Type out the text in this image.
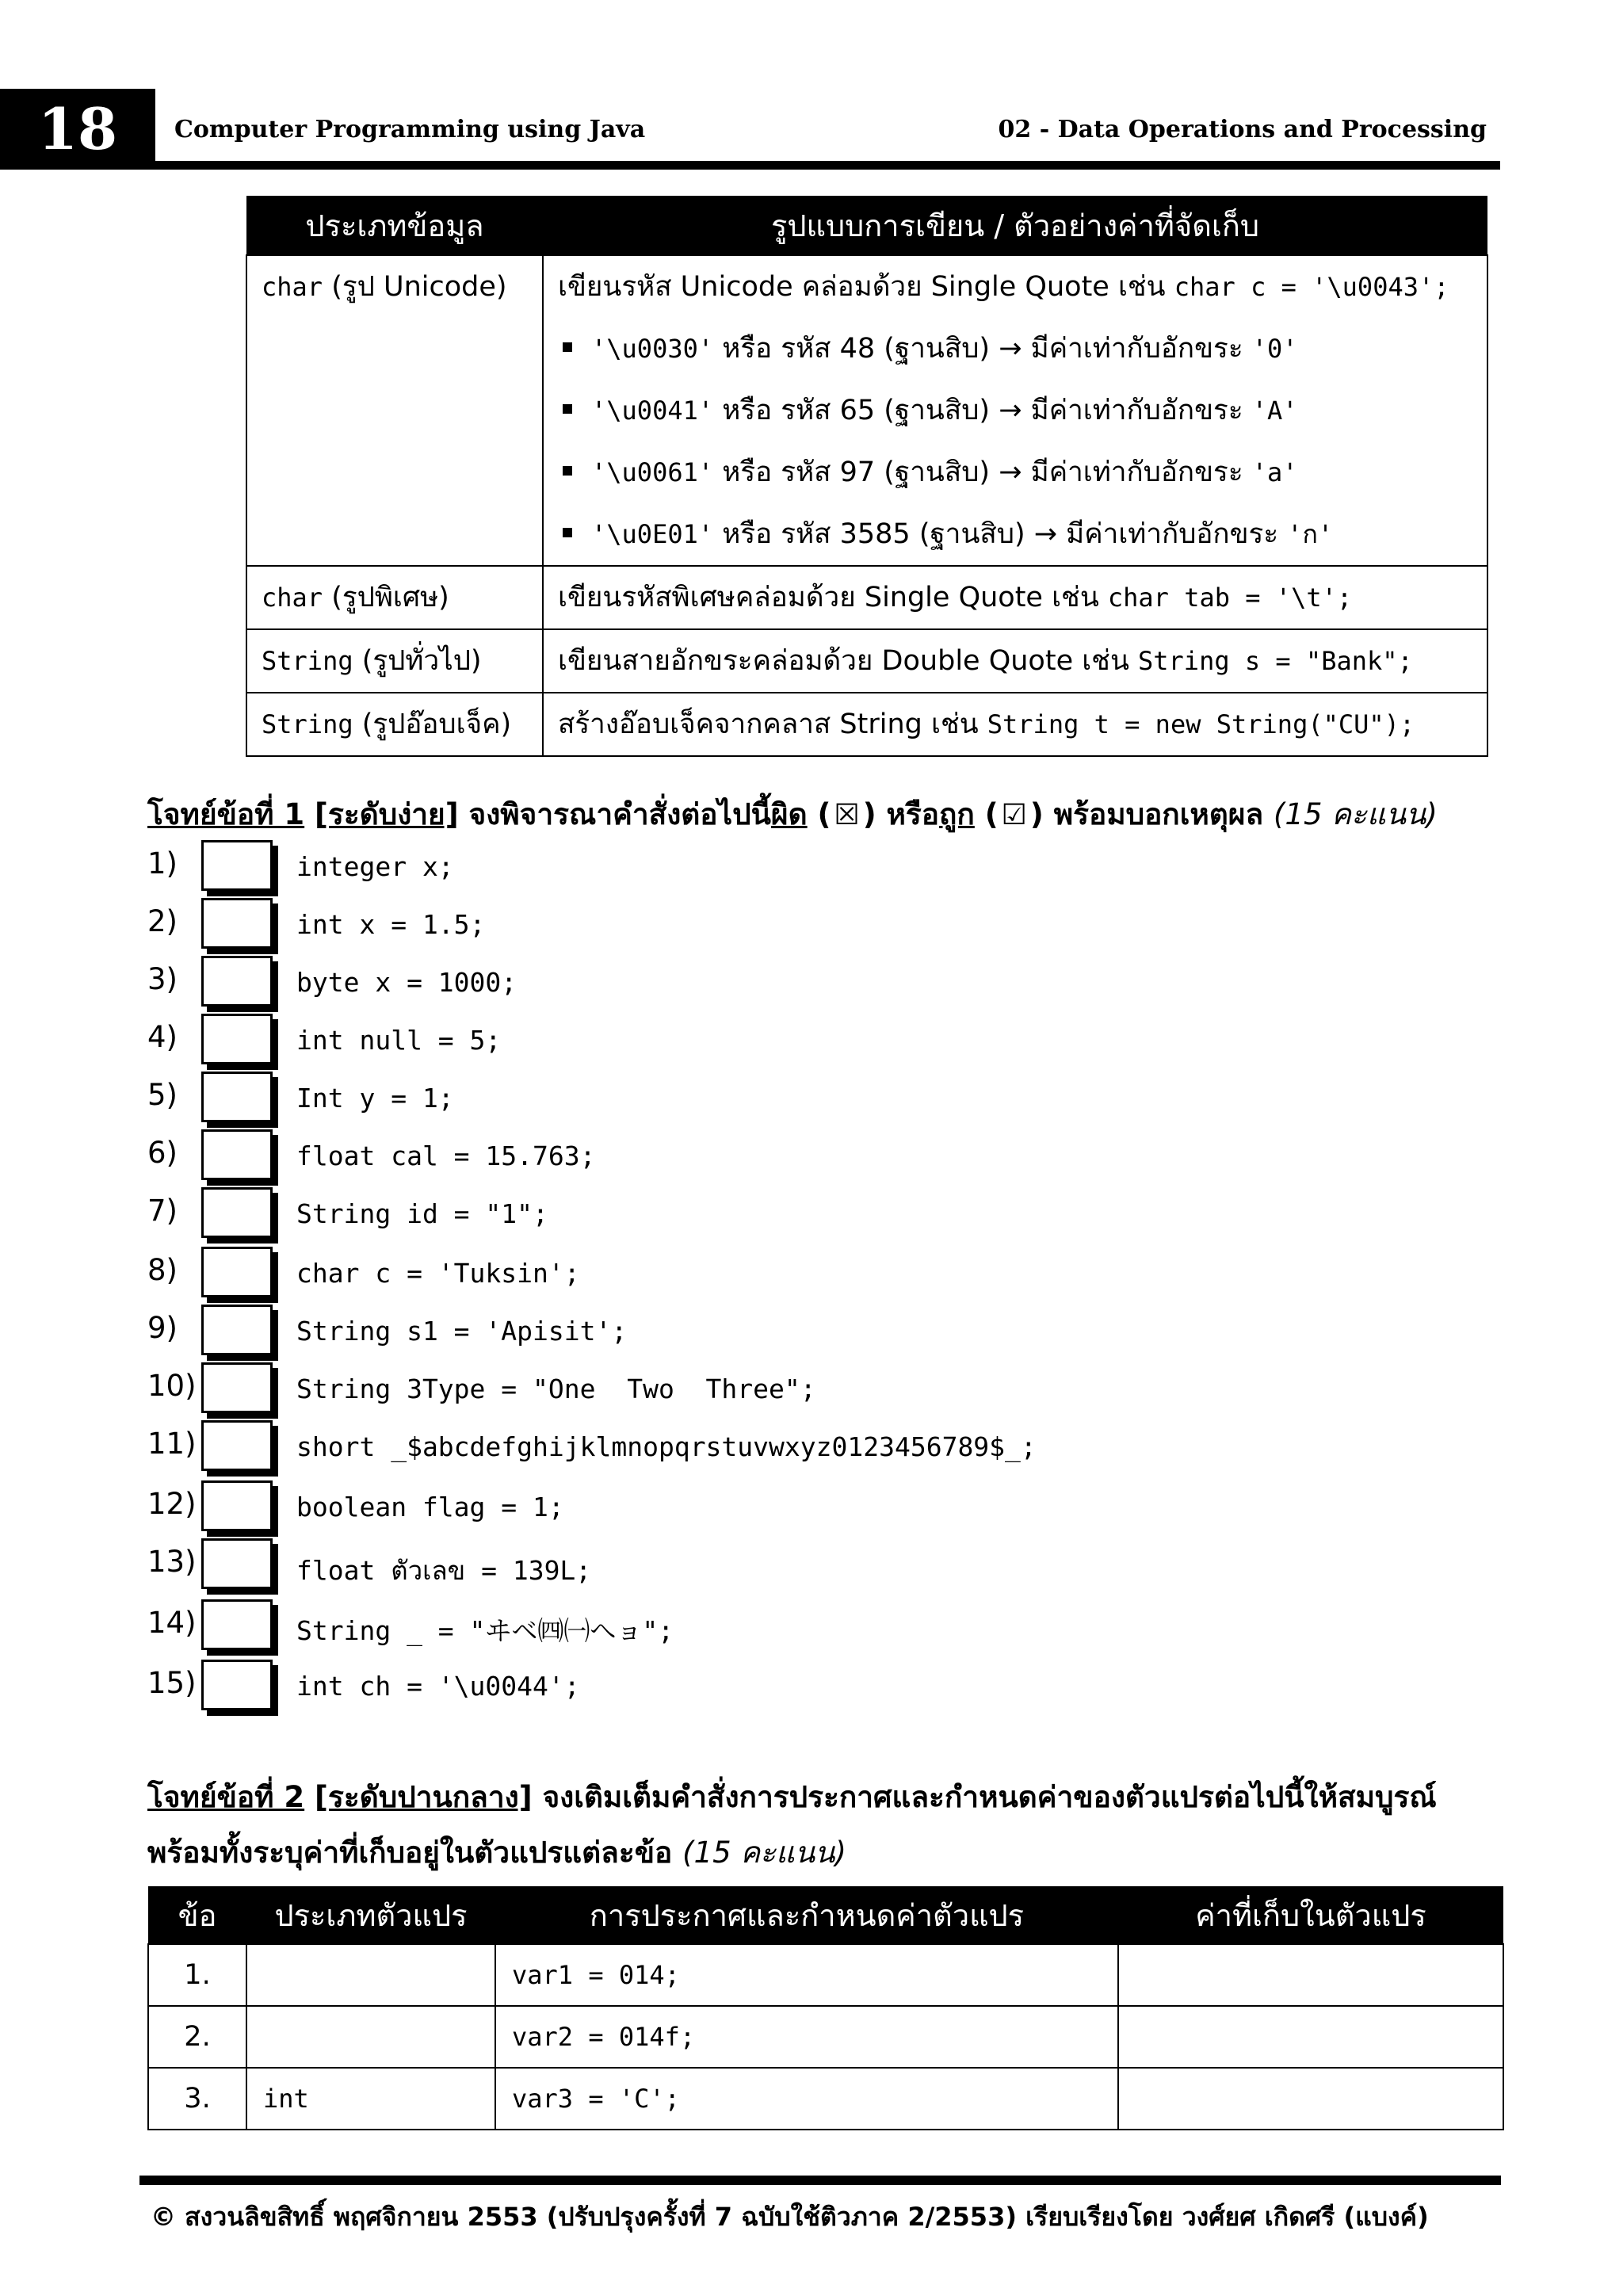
18	Computer Programming using Java	02 - Data Operations and Processing
ประเภทข้อมูล	รูปแบบการเขียน / ตัวอย่างค่าที่จัดเก็บ

char (รูป Unicode)	เขียนรหัส Unicode คล่อมด้วย Single Quote เช่น char c = '\u0043';
'\u0030' หรือ รหัส 48 (ฐานสิบ) → มีค่าเท่ากับอักขระ '0'
'\u0041' หรือ รหัส 65 (ฐานสิบ) → มีค่าเท่ากับอักขระ 'A'
'\u0061' หรือ รหัส 97 (ฐานสิบ) → มีค่าเท่ากับอักขระ 'a'
'\u0E01' หรือ รหัส 3585 (ฐานสิบ) → มีค่าเท่ากับอักขระ 'ก'

char (รูปพิเศษ)	เขียนรหัสพิเศษคล่อมด้วย Single Quote เช่น char tab = '\t';

String (รูปทั่วไป)	เขียนสายอักขระคล่อมด้วย Double Quote เช่น String s = "Bank";

String (รูปอ๊อบเจ็ค)	สร้างอ๊อบเจ็คจากคลาส String เช่น String t = new String("CU");
โจทย์ข้อที่ 1 [ระดับง่าย] จงพิจารณาคำสั่งต่อไปนี้ผิด ( ☒ ) หรือถูก ( ☑ ) พร้อมบอกเหตุผล (15 คะแนน)
1)	integer x;
2)	int x = 1.5;
3)	byte x = 1000;
4)	int null = 5;
5)	Int y = 1;
6)	float cal = 15.763;
7)	String id = "1";
8)	char c = 'Tuksin';
9)	String s1 = 'Apisit';
10)	String 3Type = "One  Two  Three";
11)	short _$abcdefghijklmnopqrstuvwxyz0123456789$_;
12)	boolean flag = 1;
13)	float ตัวเลข = 139L;
14)	String _ = "ヰベ㈣㈠へョ";
15)	int ch = '\u0044';
โจทย์ข้อที่ 2 [ระดับปานกลาง] จงเติมเต็มคำสั่งการประกาศและกำหนดค่าของตัวแปรต่อไปนี้ให้สมบูรณ์
พร้อมทั้งระบุค่าที่เก็บอยู่ในตัวแปรแต่ละข้อ (15 คะแนน)
ข้อ	ประเภทตัวแปร	การประกาศและกำหนดค่าตัวแปร	ค่าที่เก็บในตัวแปร
1.		var1 = 014;	
2.		var2 = 014f;	
3.	int	var3 = 'C';	
© สงวนลิขสิทธิ์ พฤศจิกายน 2553 (ปรับปรุงครั้งที่ 7 ฉบับใช้ติวภาค 2/2553) เรียบเรียงโดย วงศ์ยศ เกิดศรี (แบงค์)
